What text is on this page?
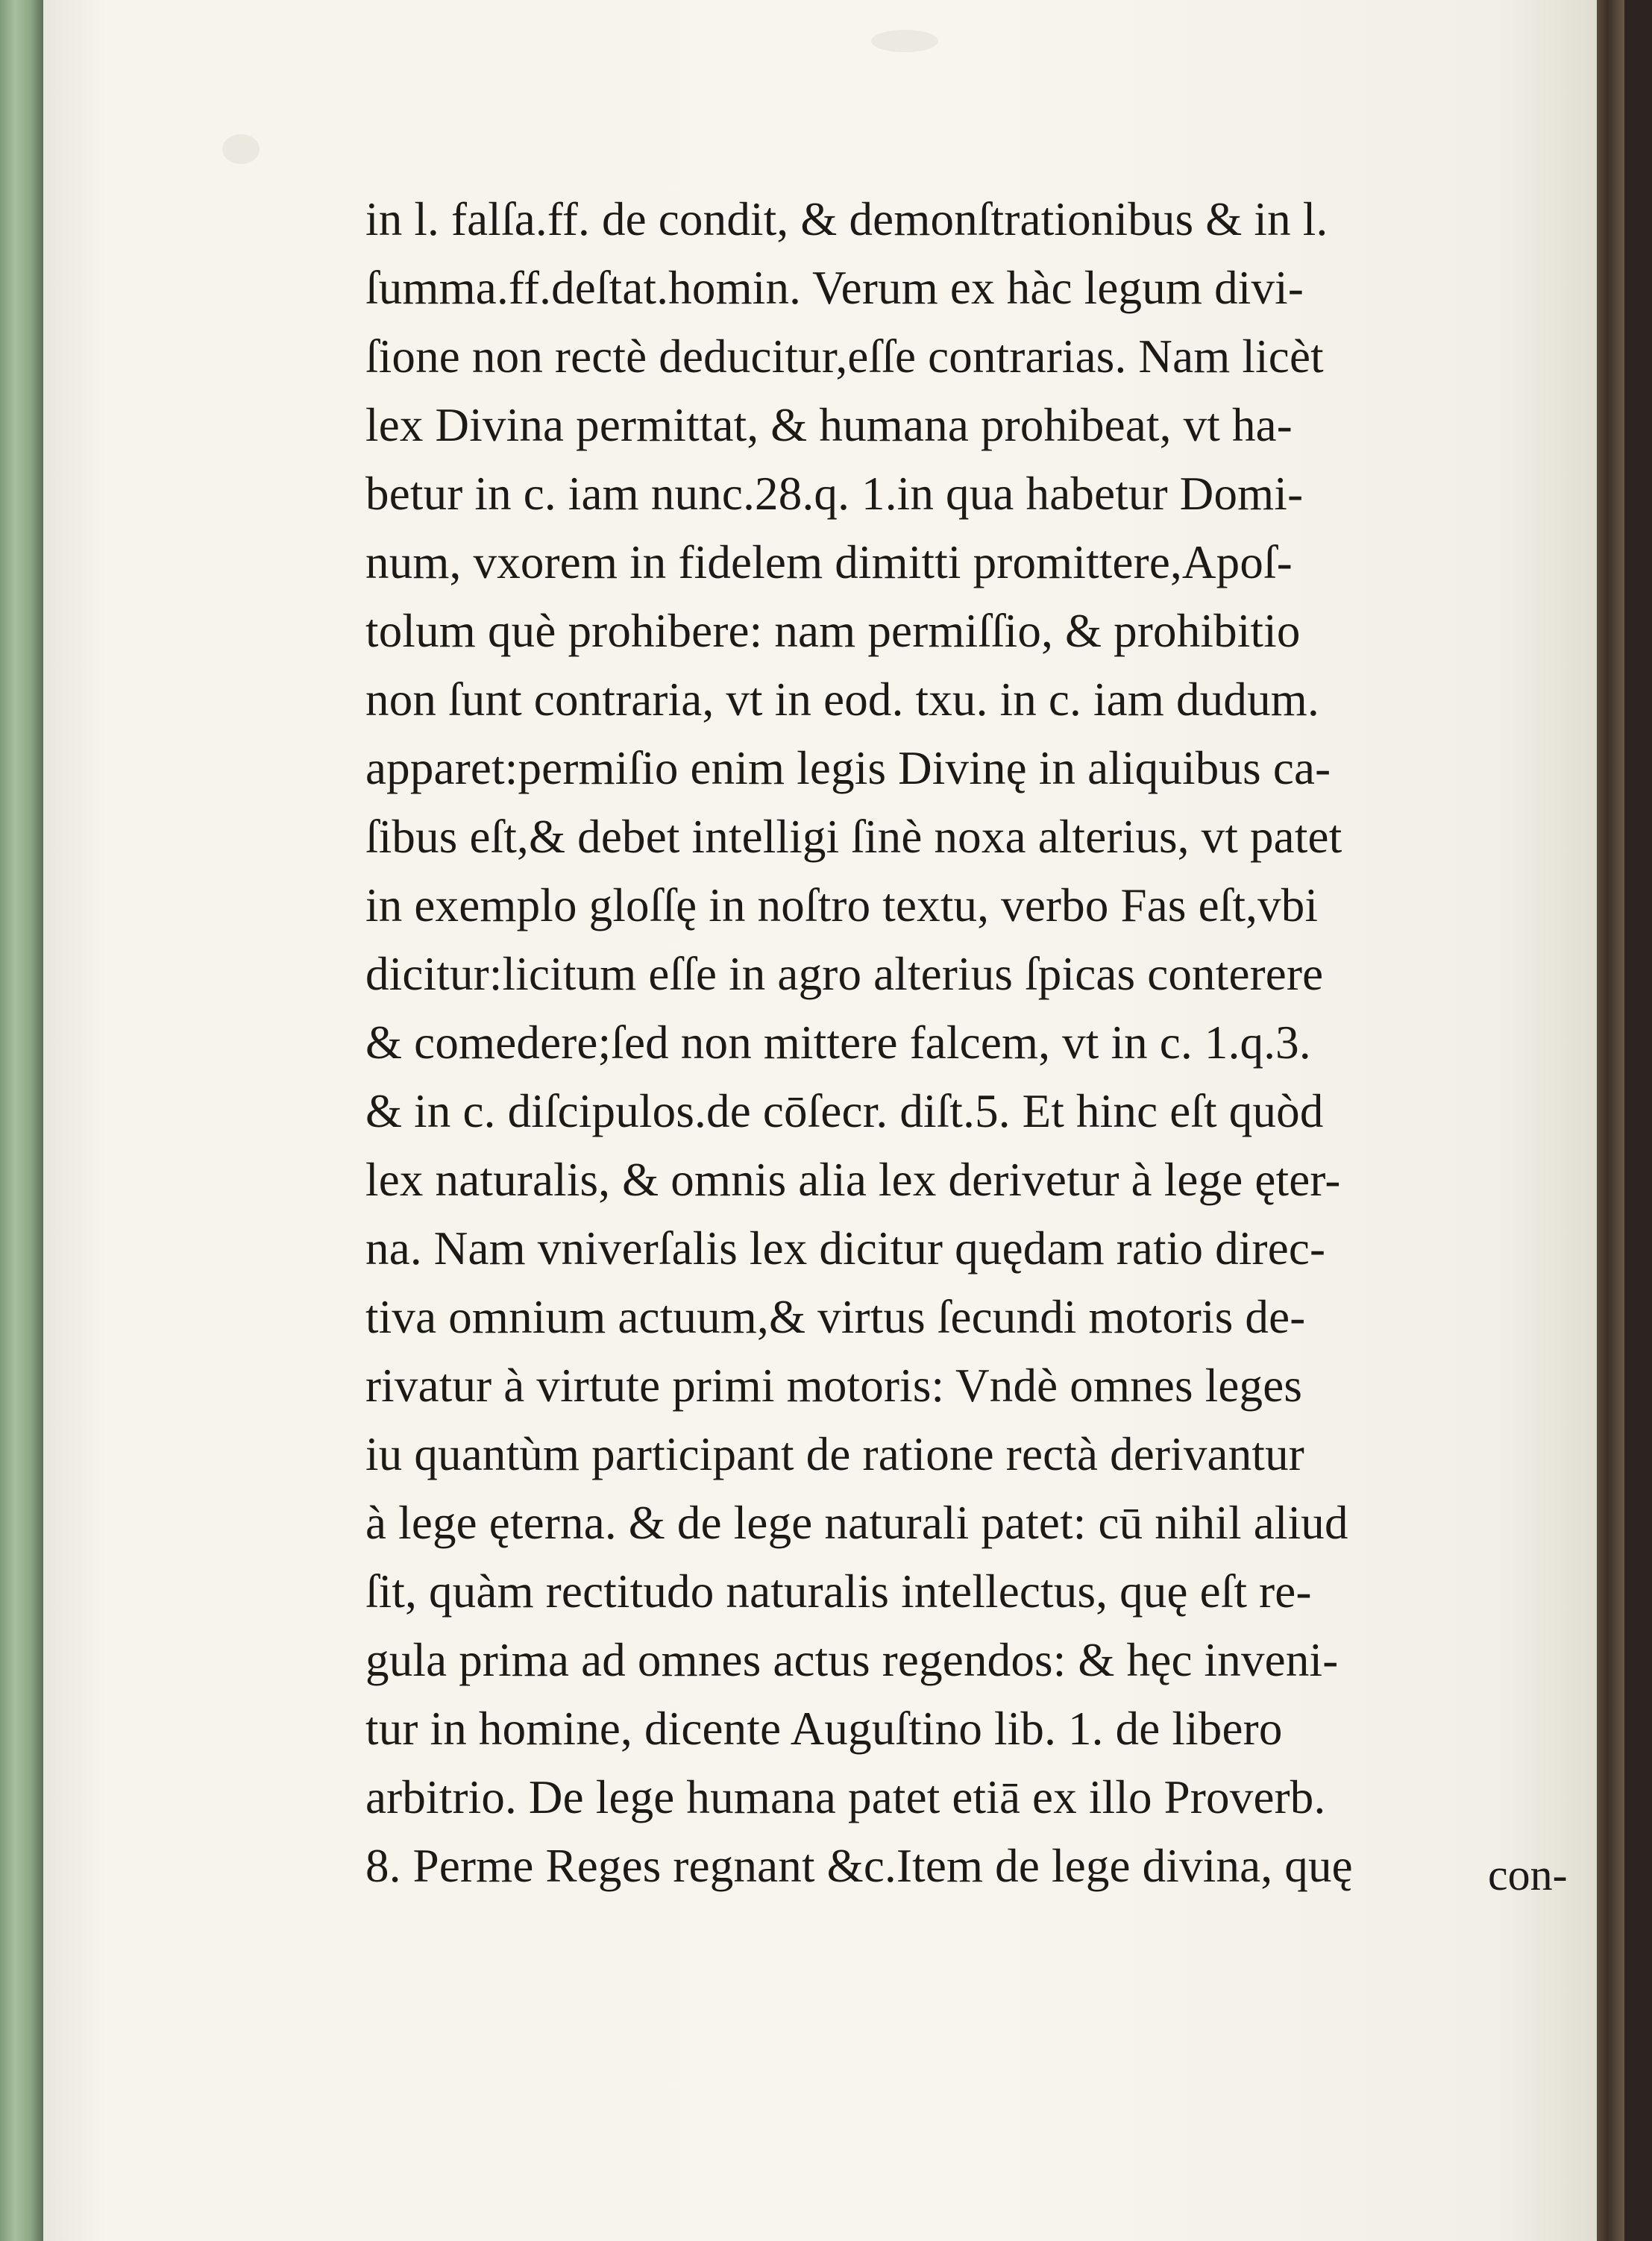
in l. falſa.ff. de condit, & demonſtrationibus & in l.
ſumma.ff.deſtat.homin. Verum ex hàc legum divi-
ſione non rectè deducitur,eſſe contrarias. Nam licèt
lex Divina permittat, & humana prohibeat, vt ha-
betur in c. iam nunc.28.q. 1.in qua habetur Domi-
num, vxorem in fidelem dimitti promittere,Apoſ-
tolum què prohibere: nam permiſſio, & prohibitio
non ſunt contraria, vt in eod. txu. in c. iam dudum.
apparet:permiſio enim legis Divinę in aliquibus ca-
ſibus eſt,& debet intelligi ſinè noxa alterius, vt patet
in exemplo gloſſę in noſtro textu, verbo Fas eſt,vbi
dicitur:licitum eſſe in agro alterius ſpicas conterere
& comedere;ſed non mittere falcem, vt in c. 1.q.3.
& in c. diſcipulos.de cōſecr. diſt.5. Et hinc eſt quòd
lex naturalis, & omnis alia lex derivetur à lege ęter-
na. Nam vniverſalis lex dicitur quędam ratio direc-
tiva omnium actuum,& virtus ſecundi motoris de-
rivatur à virtute primi motoris: Vndè omnes leges
iu quantùm participant de ratione rectà derivantur
à lege ęterna. & de lege naturali patet: cū nihil aliud
ſit, quàm rectitudo naturalis intellectus, quę eſt re-
gula prima ad omnes actus regendos: & hęc inveni-
tur in homine, dicente Auguſtino lib. 1. de libero
arbitrio. De lege humana patet etiā ex illo Proverb.
8. Perme Reges regnant &c.Item de lege divina, quę	con-
